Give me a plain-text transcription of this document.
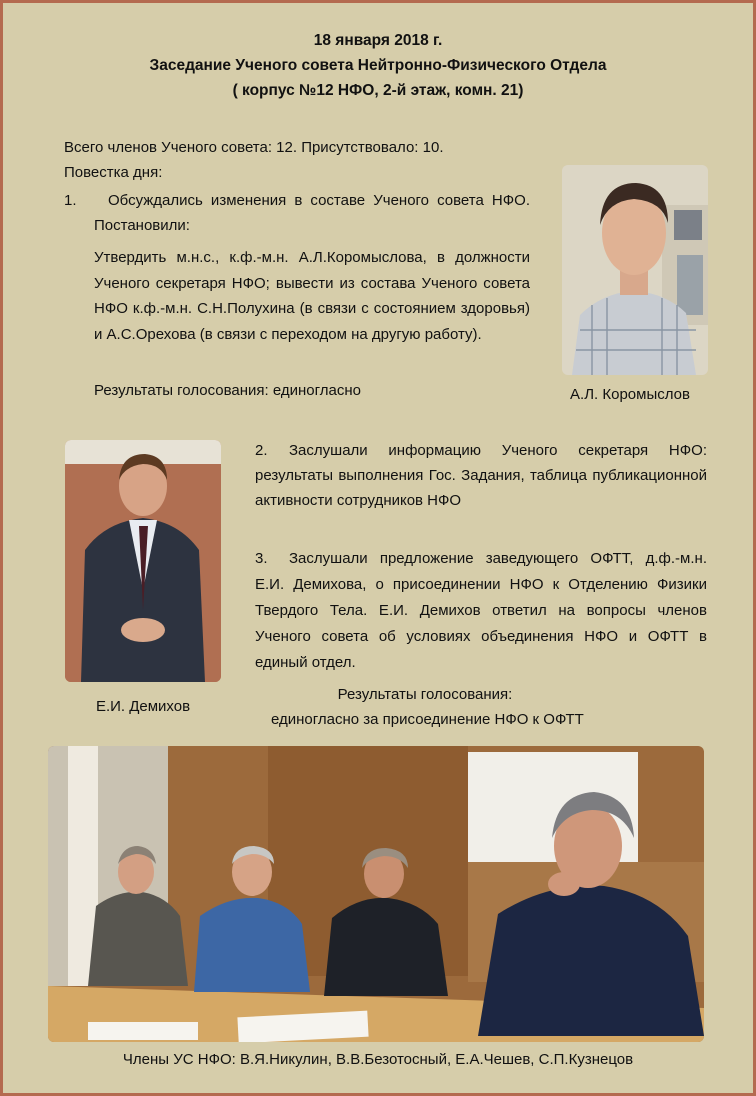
18 января 2018 г.
Заседание Ученого совета Нейтронно-Физического Отдела
( корпус №12 НФО, 2-й этаж, комн. 21)
Всего членов Ученого совета: 12. Присутствовало: 10.
Повестка дня:
1.	Обсуждались изменения в составе Ученого совета НФО. Постановили:
Утвердить м.н.с., к.ф.-м.н. А.Л.Коромыслова, в должности Ученого секретаря НФО; вывести из состава Ученого совета НФО к.ф.-м.н. С.Н.Полухина (в связи с состоянием здоровья) и А.С.Орехова (в связи с переходом на другую работу).
Результаты голосования: единогласно	А.Л. Коромыслов
Е.И. Демихов
2.	Заслушали информацию Ученого секретаря НФО: результаты выполнения Гос. Задания, таблица публикационной активности сотрудников НФО
3.	Заслушали предложение заведующего ОФТТ, д.ф.-м.н. Е.И. Демихова, о присоединении НФО к Отделению Физики Твердого Тела. Е.И. Демихов ответил на вопросы членов Ученого совета об условиях объединения НФО и ОФТТ в единый отдел.
Результаты голосования:
единогласно за присоединение НФО к ОФТТ
Члены УС НФО: В.Я.Никулин, В.В.Безотосный, Е.А.Чешев, С.П.Кузнецов
